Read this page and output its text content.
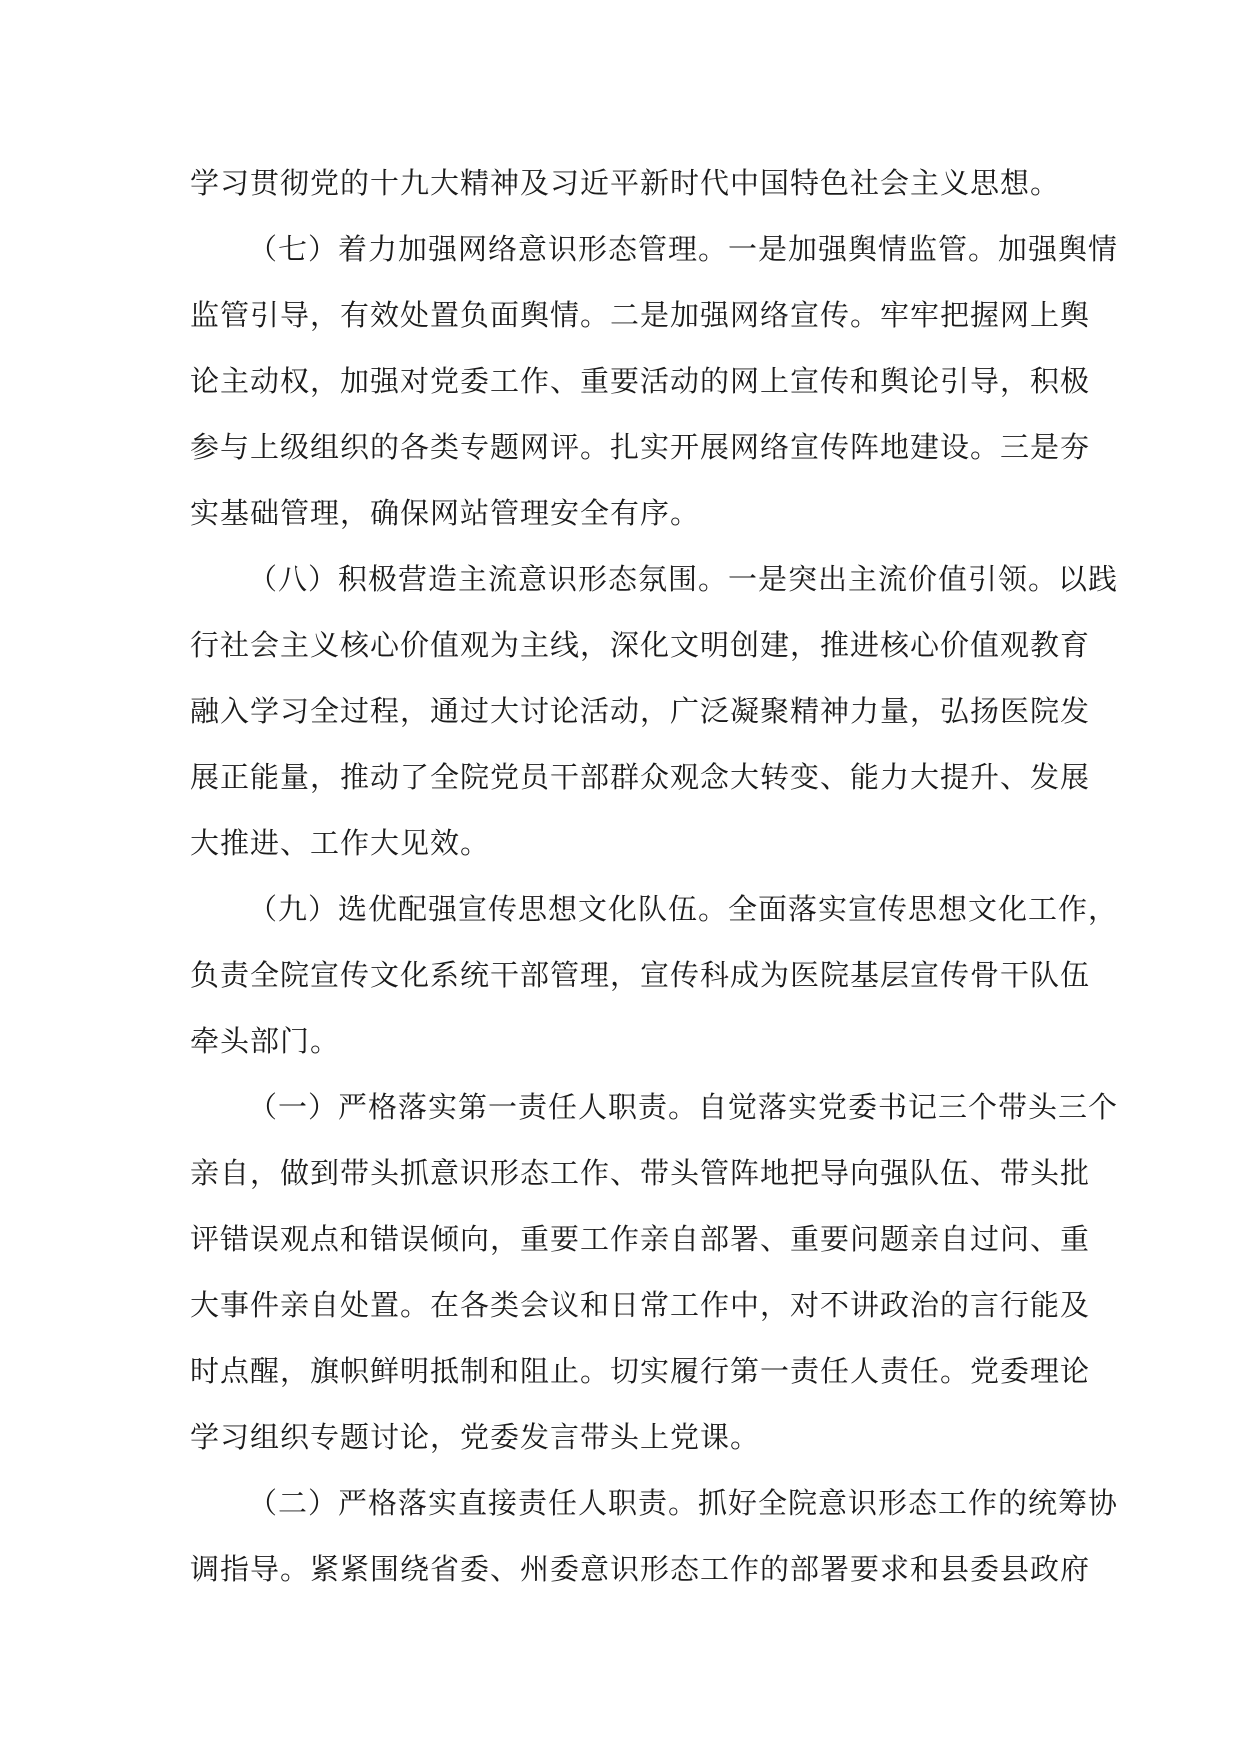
学习贯彻党的十九大精神及习近平新时代中国特色社会主义思想。
（七）着力加强网络意识形态管理。一是加强舆情监管。加强舆情
监管引导，有效处置负面舆情。二是加强网络宣传。牢牢把握网上舆
论主动权，加强对党委工作、重要活动的网上宣传和舆论引导，积极
参与上级组织的各类专题网评。扎实开展网络宣传阵地建设。三是夯
实基础管理，确保网站管理安全有序。
（八）积极营造主流意识形态氛围。一是突出主流价值引领。以践
行社会主义核心价值观为主线，深化文明创建，推进核心价值观教育
融入学习全过程，通过大讨论活动，广泛凝聚精神力量，弘扬医院发
展正能量，推动了全院党员干部群众观念大转变、能力大提升、发展
大推进、工作大见效。
（九）选优配强宣传思想文化队伍。全面落实宣传思想文化工作，
负责全院宣传文化系统干部管理，宣传科成为医院基层宣传骨干队伍
牵头部门。
（一）严格落实第一责任人职责。自觉落实党委书记三个带头三个
亲自，做到带头抓意识形态工作、带头管阵地把导向强队伍、带头批
评错误观点和错误倾向，重要工作亲自部署、重要问题亲自过问、重
大事件亲自处置。在各类会议和日常工作中，对不讲政治的言行能及
时点醒，旗帜鲜明抵制和阻止。切实履行第一责任人责任。党委理论
学习组织专题讨论，党委发言带头上党课。
（二）严格落实直接责任人职责。抓好全院意识形态工作的统筹协
调指导。紧紧围绕省委、州委意识形态工作的部署要求和县委县政府
